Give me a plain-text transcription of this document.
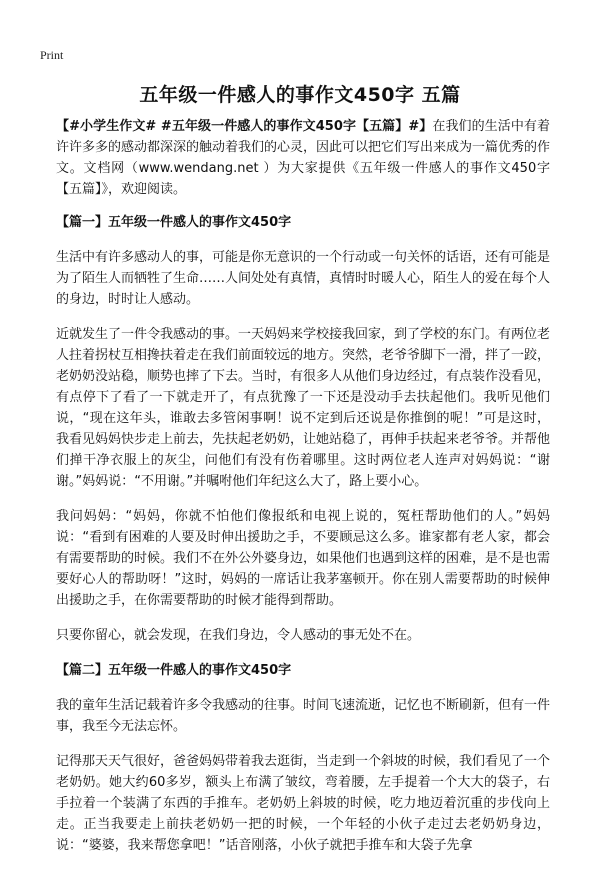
Print
五年级一件感人的事作文450字 五篇

【#小学生作文# #五年级一件感人的事作文450字【五篇】#】在我们的生活中有着许许多多的感动都深深的触动着我们的心灵，因此可以把它们写出来成为一篇优秀的作文。文档网（www.wendang.net ）为大家提供《五年级一件感人的事作文450字【五篇】》，欢迎阅读。

【篇一】五年级一件感人的事作文450字

生活中有许多感动人的事，可能是你无意识的一个行动或一句关怀的话语，还有可能是为了陌生人而牺牲了生命……人间处处有真情，真情时时暖人心，陌生人的爱在每个人的身边，时时让人感动。

近就发生了一件令我感动的事。一天妈妈来学校接我回家，到了学校的东门。有两位老人拄着拐杖互相搀扶着走在我们前面较远的地方。突然，老爷爷脚下一滑，拌了一跤，老奶奶没站稳，顺势也摔了下去。当时，有很多人从他们身边经过，有点装作没看见，有点停下了看了一下就走开了，有点犹豫了一下还是没动手去扶起他们。我听见他们说，“现在这年头，谁敢去多管闲事啊！说不定到后还说是你推倒的呢！”可是这时，我看见妈妈快步走上前去，先扶起老奶奶，让她站稳了，再伸手扶起来老爷爷。并帮他们掸干净衣服上的灰尘，问他们有没有伤着哪里。这时两位老人连声对妈妈说：“谢谢。”妈妈说：“不用谢。”并嘱咐他们年纪这么大了，路上要小心。

我问妈妈：“妈妈，你就不怕他们像报纸和电视上说的，冤枉帮助他们的人。”妈妈说：“看到有困难的人要及时伸出援助之手，不要顾忌这么多。谁家都有老人家，都会有需要帮助的时候。我们不在外公外婆身边，如果他们也遇到这样的困难，是不是也需要好心人的帮助呀！”这时，妈妈的一席话让我茅塞顿开。你在别人需要帮助的时候伸出援助之手，在你需要帮助的时候才能得到帮助。

只要你留心，就会发现，在我们身边，令人感动的事无处不在。

【篇二】五年级一件感人的事作文450字

我的童年生活记载着许多令我感动的往事。时间飞速流逝，记忆也不断刷新，但有一件事，我至今无法忘怀。

记得那天天气很好，爸爸妈妈带着我去逛街，当走到一个斜坡的时候，我们看见了一个老奶奶。她大约60多岁，额头上布满了皱纹，弯着腰，左手提着一个大大的袋子，右手拉着一个装满了东西的手推车。老奶奶上斜坡的时候，吃力地迈着沉重的步伐向上走。正当我要走上前扶老奶奶一把的时候，一个年轻的小伙子走过去老奶奶身边，说：“婆婆，我来帮您拿吧！”话音刚落，小伙子就把手推车和大袋子先拿
